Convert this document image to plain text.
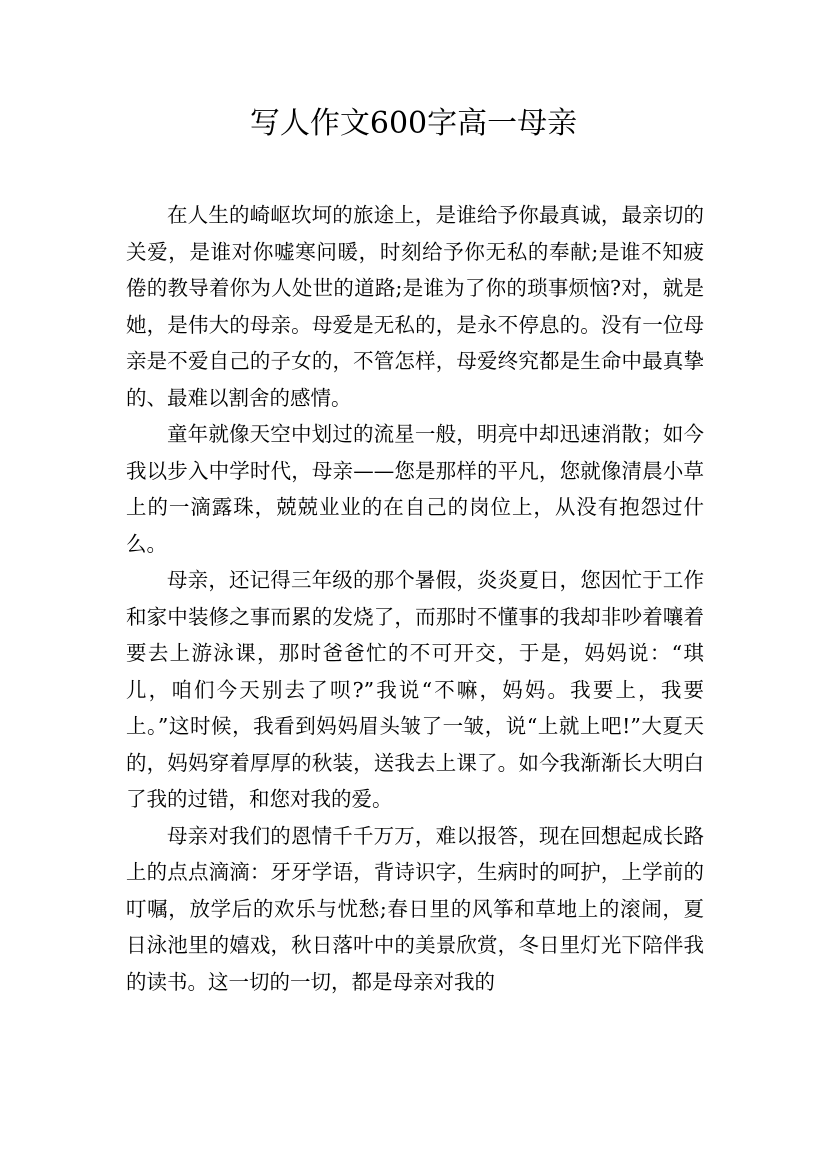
写人作文600字高一母亲

在人生的崎岖坎坷的旅途上，是谁给予你最真诚，最亲切的关爱，是谁对你嘘寒问暖，时刻给予你无私的奉献;是谁不知疲倦的教导着你为人处世的道路;是谁为了你的琐事烦恼?对，就是她，是伟大的母亲。母爱是无私的，是永不停息的。没有一位母亲是不爱自己的子女的，不管怎样，母爱终究都是生命中最真挚的、最难以割舍的感情。

童年就像天空中划过的流星一般，明亮中却迅速消散；如今我以步入中学时代，母亲——您是那样的平凡，您就像清晨小草上的一滴露珠，兢兢业业的在自己的岗位上，从没有抱怨过什么。

母亲，还记得三年级的那个暑假，炎炎夏日，您因忙于工作和家中装修之事而累的发烧了，而那时不懂事的我却非吵着嚷着要去上游泳课，那时爸爸忙的不可开交，于是，妈妈说：“琪儿，咱们今天别去了呗?”我说“不嘛，妈妈。我要上，我要上。”这时候，我看到妈妈眉头皱了一皱，说“上就上吧!”大夏天的，妈妈穿着厚厚的秋装，送我去上课了。如今我渐渐长大明白了我的过错，和您对我的爱。

母亲对我们的恩情千千万万，难以报答，现在回想起成长路上的点点滴滴：牙牙学语，背诗识字，生病时的呵护，上学前的叮嘱，放学后的欢乐与忧愁;春日里的风筝和草地上的滚闹，夏日泳池里的嬉戏，秋日落叶中的美景欣赏，冬日里灯光下陪伴我的读书。这一切的一切，都是母亲对我的
